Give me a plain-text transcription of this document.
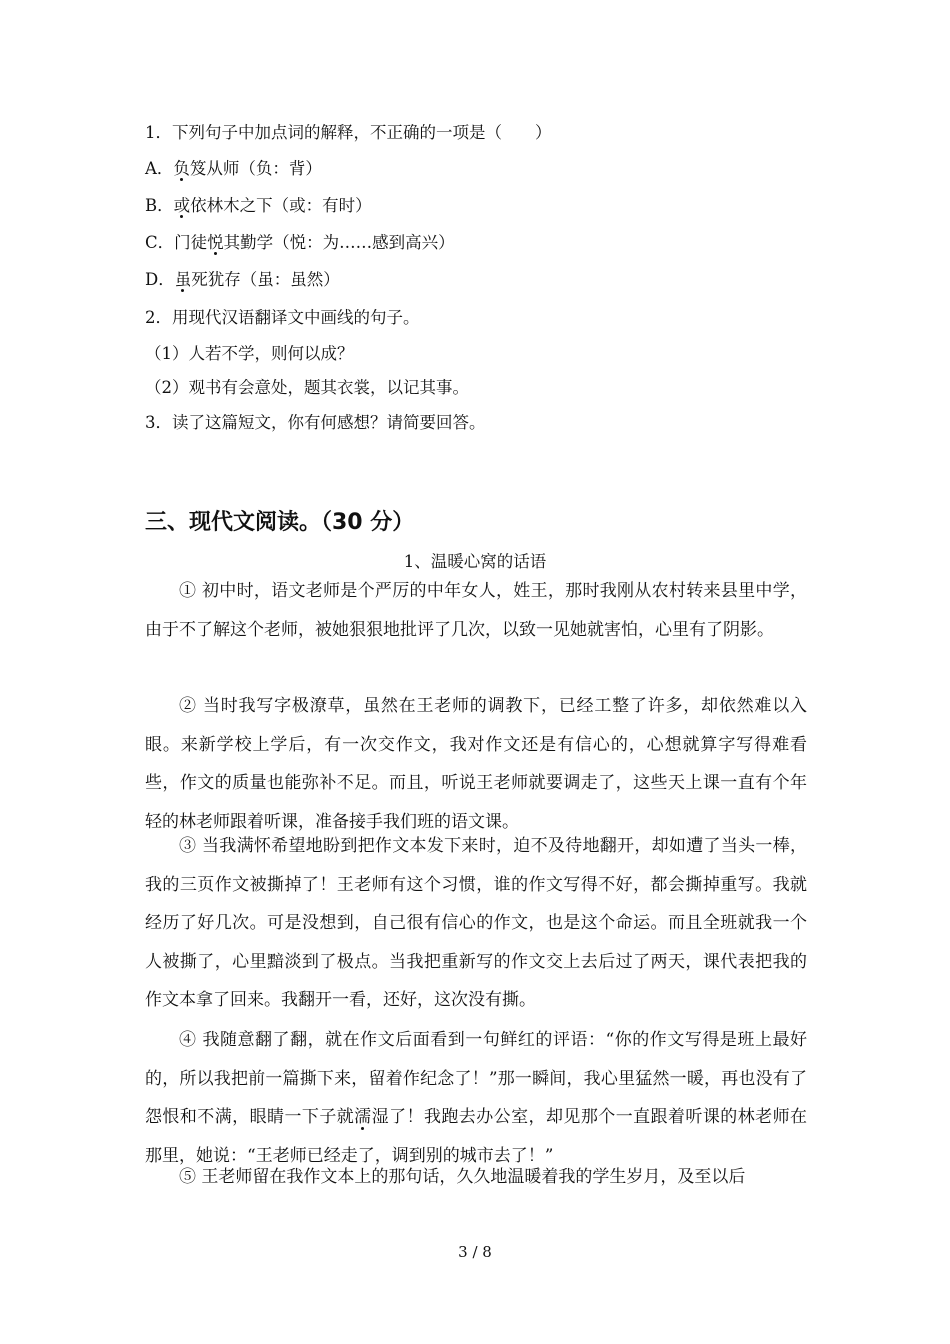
1．下列句子中加点词的解释，不正确的一项是（　　）
A．负笈从师（负：背）
B．或依林木之下（或：有时）
C．门徒悦其勤学（悦：为……感到高兴）
D．虽死犹存（虽：虽然）
2．用现代汉语翻译文中画线的句子。
（1）人若不学，则何以成？
（2）观书有会意处，题其衣裳，以记其事。
3．读了这篇短文，你有何感想？请简要回答。
三、现代文阅读。（30 分）
1、温暖心窝的话语
① 初中时，语文老师是个严厉的中年女人，姓王，那时我刚从农村转来县里中学，由于不了解这个老师，被她狠狠地批评了几次，以致一见她就害怕，心里有了阴影。
② 当时我写字极潦草，虽然在王老师的调教下，已经工整了许多，却依然难以入眼。来新学校上学后，有一次交作文，我对作文还是有信心的，心想就算字写得难看些，作文的质量也能弥补不足。而且，听说王老师就要调走了，这些天上课一直有个年轻的林老师跟着听课，准备接手我们班的语文课。
③ 当我满怀希望地盼到把作文本发下来时，迫不及待地翻开，却如遭了当头一棒，我的三页作文被撕掉了！王老师有这个习惯，谁的作文写得不好，都会撕掉重写。我就经历了好几次。可是没想到，自己很有信心的作文，也是这个命运。而且全班就我一个人被撕了，心里黯淡到了极点。当我把重新写的作文交上去后过了两天，课代表把我的作文本拿了回来。我翻开一看，还好，这次没有撕。
④ 我随意翻了翻，就在作文后面看到一句鲜红的评语：“你的作文写得是班上最好的，所以我把前一篇撕下来，留着作纪念了！”那一瞬间，我心里猛然一暖，再也没有了怨恨和不满，眼睛一下子就濡湿了！我跑去办公室，却见那个一直跟着听课的林老师在那里，她说：“王老师已经走了，调到别的城市去了！”
⑤ 王老师留在我作文本上的那句话，久久地温暖着我的学生岁月，及至以后
3 / 8
